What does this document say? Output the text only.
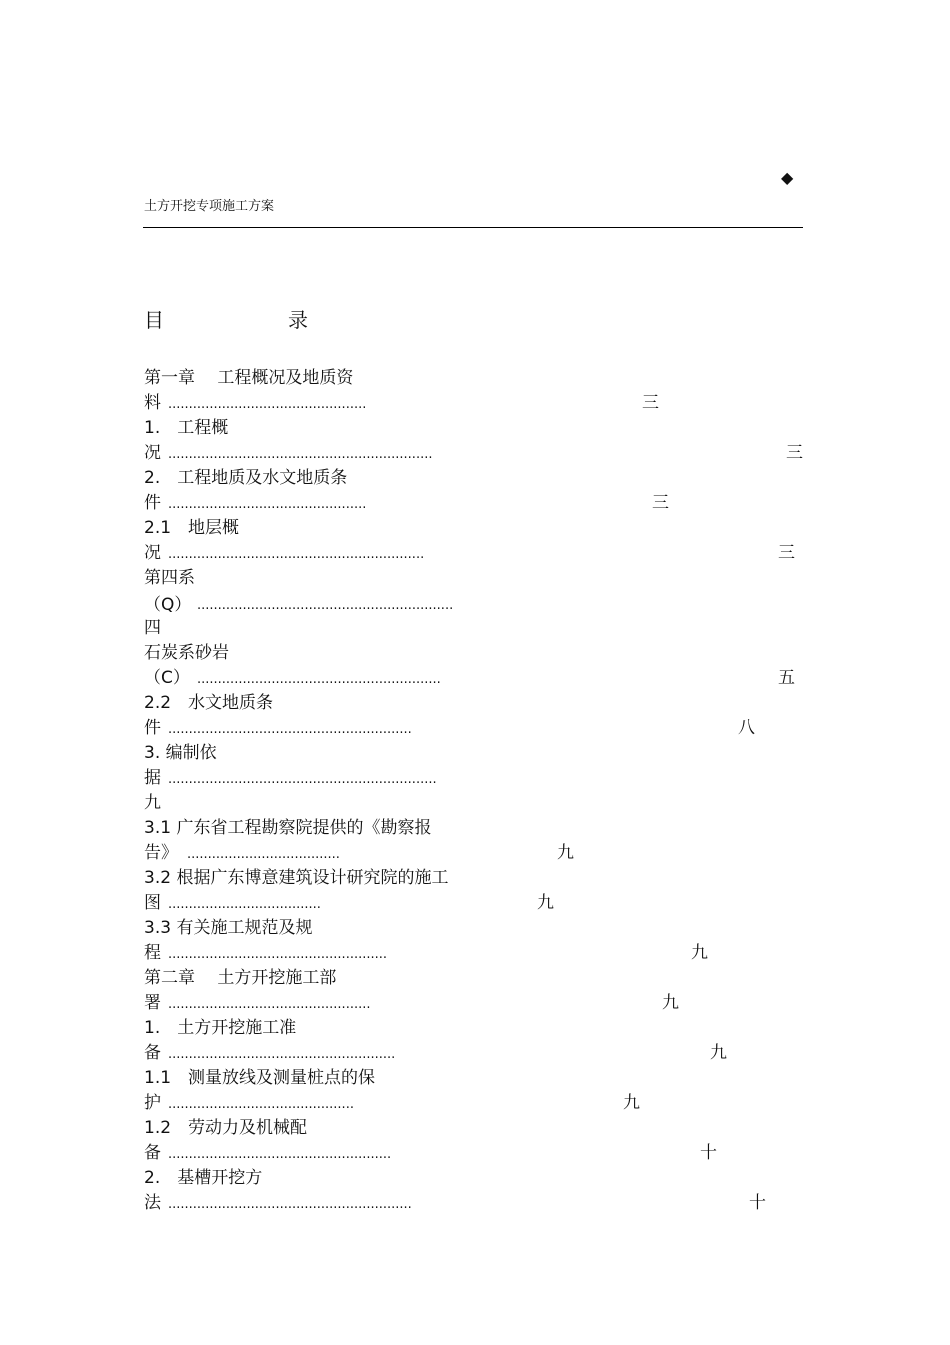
◆
土方开挖专项施工方案
目	录
第一章　 工程概况及地质资
料 ................................................	三
1.　工程概
况 ................................................................	三
2.　工程地质及水文地质条
件 ................................................	三
2.1　地层概
况 ..............................................................	三
第四系
（Q） ..............................................................
四
石炭系砂岩
（C） ...........................................................	五
2.2　水文地质条
件 ...........................................................	八
3. 编制依
据 .................................................................
九
3.1 广东省工程勘察院提供的《勘察报
告》 .....................................	九
3.2 根据广东博意建筑设计研究院的施工
图 .....................................	九
3.3 有关施工规范及规
程 .....................................................	九
第二章　 土方开挖施工部
署 .................................................	九
1.　土方开挖施工准
备 .......................................................	九
1.1　测量放线及测量桩点的保
护 .............................................	九
1.2　劳动力及机械配
备 ......................................................	十
2.　基槽开挖方
法 ...........................................................	十
